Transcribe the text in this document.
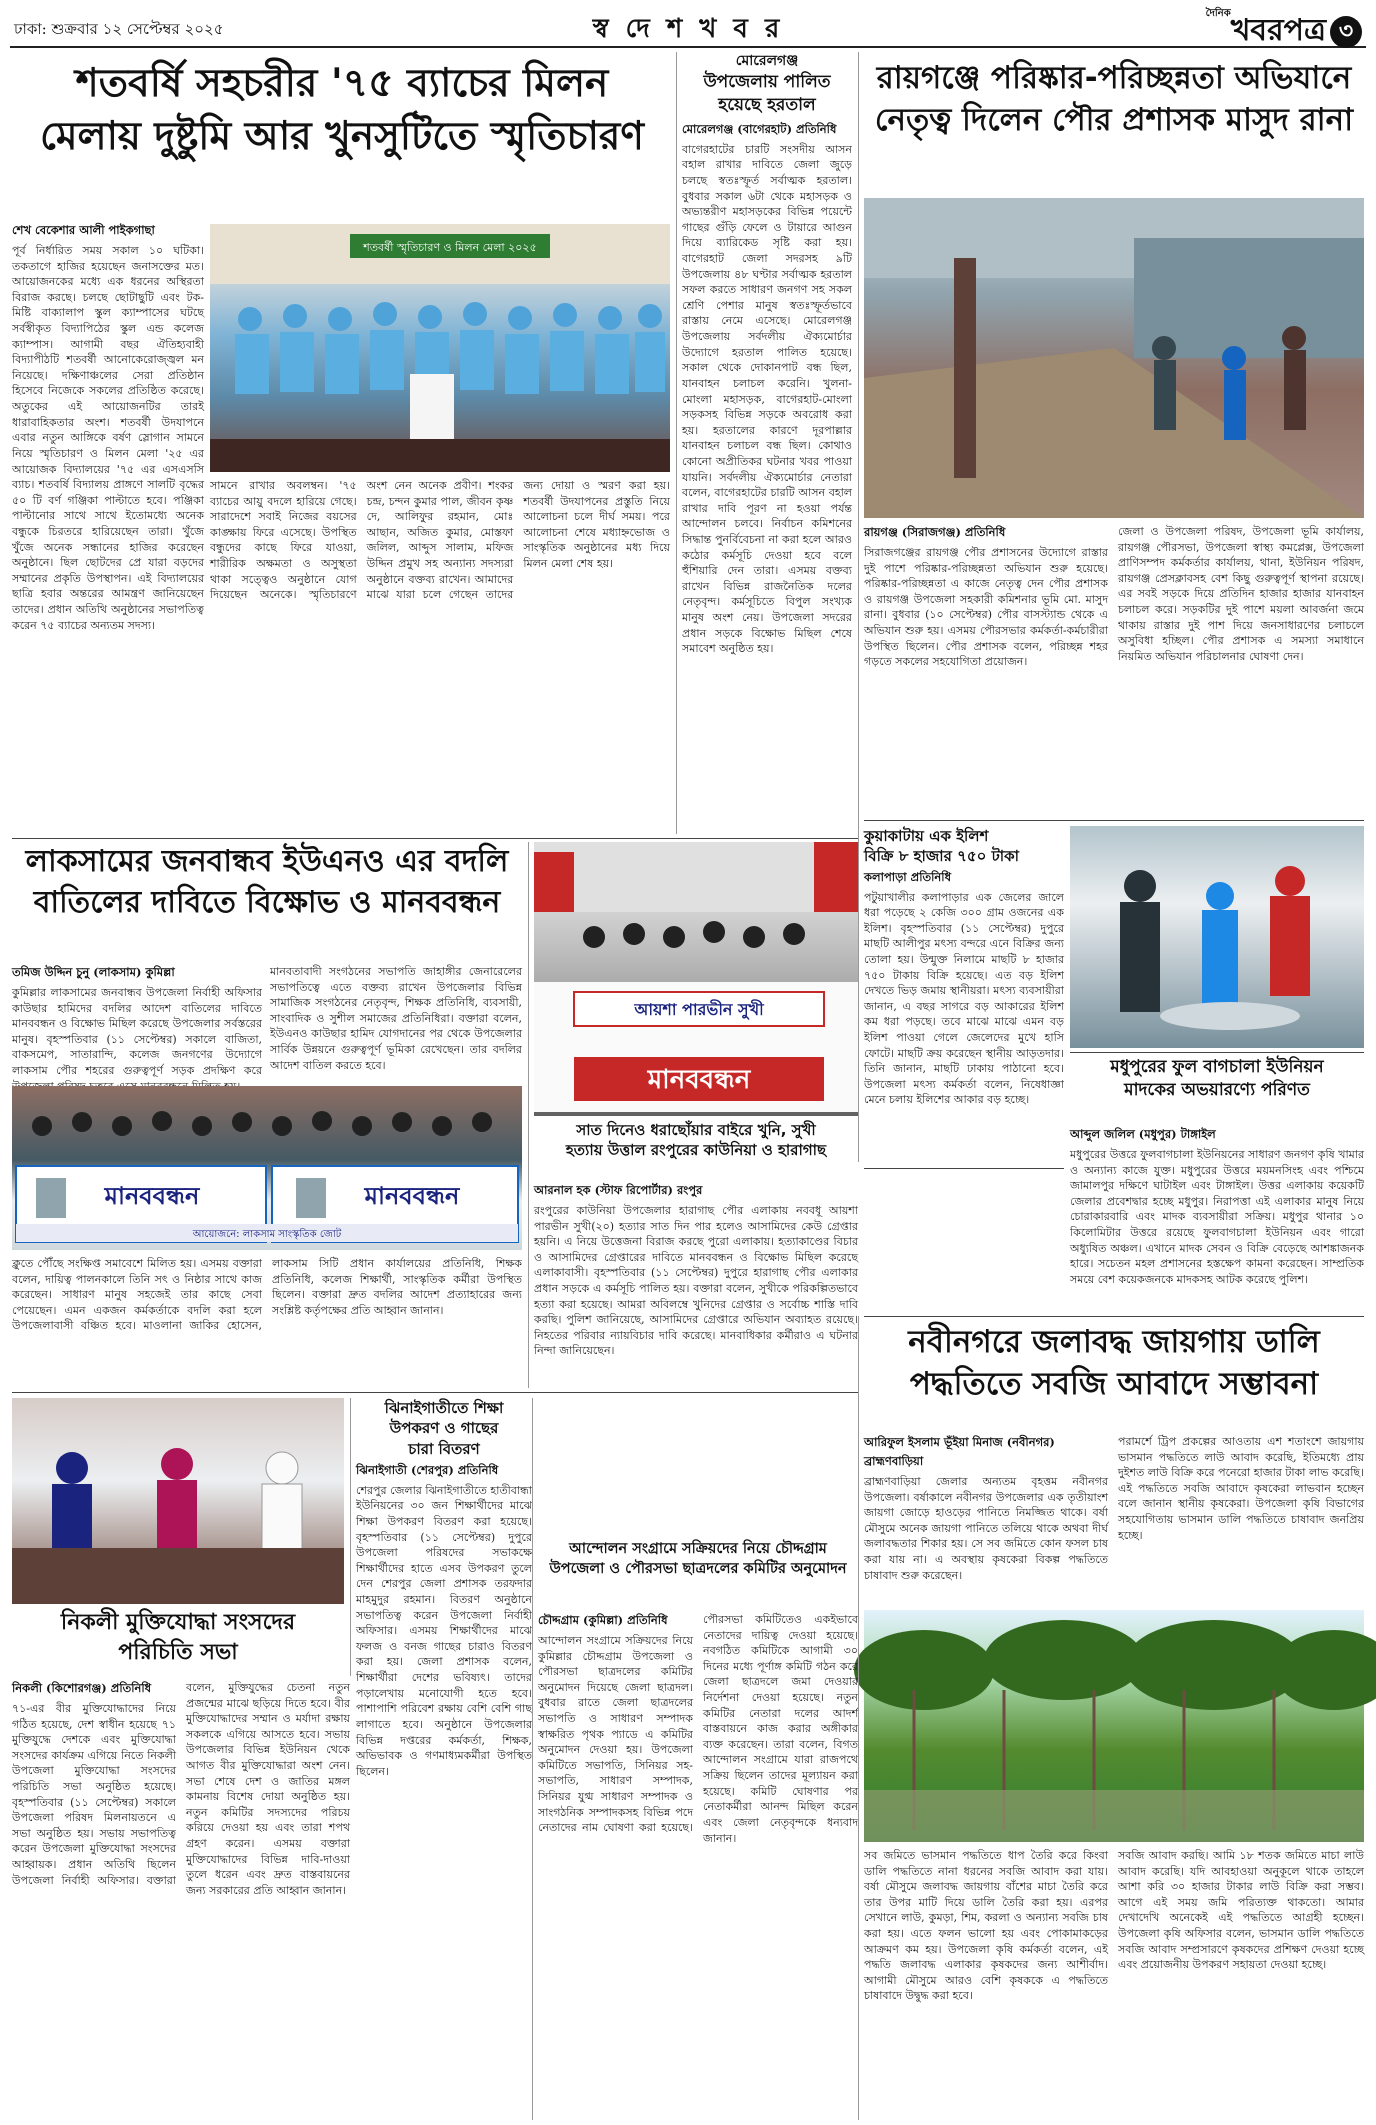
ঢাকা: শুক্রবার ১২ সেপ্টেম্বর ২০২৫	স্ব দে শ খ ব র
$^{দৈনিক}$খবরপত্র ৩
শতবর্ষি সহচরীর '৭৫ ব্যাচের মিলন
মেলায় দুষ্টুমি আর খুনসুটিতে স্মৃতিচারণ
শেখ বেকেশার আলী পাইকগাছা
পূর্ব নির্ধারিত সময় সকাল ১০ ঘটিকা। তকতাগে হাজির হয়েছেন জনাসক্তের মত। আয়োজনকের মধ্যে এক ধরনের অস্থিরতা বিরাজ করছে। চলছে ছোটাছুটি এবং টক-মিষ্টি বাক্যালাপ স্কুল ক্যাম্পাসের ঘটছে সর্বস্বীকৃত বিদ্যাপিঠের স্কুল এন্ড কলেজ ক্যাম্পাস। আগামী বছর ঐতিহ্যবাহী বিদ্যাপীঠটি শতবর্ষী আনোকেরোজ্জ্বল মন নিয়েছে। দক্ষিণাঞ্চলের সেরা প্রতিষ্ঠান হিসেবে নিজেকে সকলের প্রতিষ্ঠিত করেছে। অতুকের এই আয়োজনটির তারই ধারাবাহিকতার অংশ। শতবর্ষী উদযাপনে এবার নতুন আঙ্গিকে বর্ষণ স্লোগান সামনে নিয়ে স্মৃতিচারণ ও মিলন মেলা '২৫ এর আয়োজক বিদ্যালয়ের '৭৫ এর এসএসসি ব্যাচ। শতবর্ষি বিদ্যালয় প্রাঙ্গণে সালটি বৃদ্ধের ৫০ টি বর্ণ গঞ্জিকা পাল্টাতে হবে। পঞ্জিকা পাল্টানোর সাথে সাথে ইতোমধ্যে অনেক বন্ধুকে চিরতরে হারিয়েছেন তারা। খুঁজে খুঁজে অনেক সন্ধানের হাজির করেছেন অনুষ্ঠানে। ছিল ছোটদের প্রে যারা বড়দের সম্মানের প্রকৃতি উপস্থাপন। এই বিদ্যালয়ের ছাত্রি হবার অন্তরের আমন্ত্রণ জানিয়েছেন তাদের। প্রধান অতিথি অনুষ্ঠানের সভাপতিত্ব করেন ৭৫ ব্যাচের অন্যতম সদস্য।
শতবর্ষী স্মৃতিচারণ ও মিলন মেলা ২০২৫
সামনে রাখার অবলম্বন। '৭৫ ব্যাচের আয়ু বদলে হারিয়ে গেছে। সারাদেশে সবাই নিজের বয়সের কাঙ্ক্ষায় ফিরে এসেছে। উপস্থিত বন্ধুদের কাছে ফিরে যাওয়া, শারীরিক অক্ষমতা ও অসুস্থতা থাকা সত্ত্বেও অনুষ্ঠানে যোগ দিয়েছেন অনেকে। স্মৃতিচারণে অংশ নেন অনেক প্রবীণ। শংকর চন্দ্র, চন্দন কুমার পাল, জীবন কৃষ্ণ দে, আলিফুর রহমান, মোঃ আছান, অজিত কুমার, মোস্তফা জলিল, আব্দুস সালাম, মফিজ উদ্দিন প্রমুখ সহ অন্যান্য সদস্যরা অনুষ্ঠানে বক্তব্য রাখেন। আমাদের মাঝে যারা চলে গেছেন তাদের জন্য দোয়া ও স্মরণ করা হয়। শতবর্ষী উদযাপনের প্রস্তুতি নিয়ে আলোচনা চলে দীর্ঘ সময়। পরে আলোচনা শেষে মধ্যাহ্নভোজ ও সাংস্কৃতিক অনুষ্ঠানের মধ্য দিয়ে মিলন মেলা শেষ হয়।
মোরেলগঞ্জ
উপজেলায় পালিত হয়েছে হরতাল
মোরেলগঞ্জ (বাগেরহাট) প্রতিনিধি
বাগেরহাটের চারটি সংসদীয় আসন বহাল রাখার দাবিতে জেলা জুড়ে চলছে স্বতঃস্ফূর্ত সর্বাত্মক হরতাল। বুধবার সকাল ৬টা থেকে মহাসড়ক ও অভ্যন্তরীণ মহাসড়কের বিভিন্ন পয়েন্টে গাছের গুঁড়ি ফেলে ও টায়ারে আগুন দিয়ে ব্যারিকেড সৃষ্টি করা হয়। বাগেরহাট জেলা সদরসহ ৯টি উপজেলায় ৪৮ ঘণ্টার সর্বাত্মক হরতাল সফল করতে সাধারণ জনগণ সহ সকল শ্রেণি পেশার মানুষ স্বতঃস্ফূর্তভাবে রাস্তায় নেমে এসেছে। মোরেলগঞ্জ উপজেলায় সর্বদলীয় ঐক্যমোর্চার উদ্যোগে হরতাল পালিত হয়েছে। সকাল থেকে দোকানপাট বন্ধ ছিল, যানবাহন চলাচল করেনি। খুলনা-মোংলা মহাসড়ক, বাগেরহাট-মোংলা সড়কসহ বিভিন্ন সড়কে অবরোধ করা হয়। হরতালের কারণে দূরপাল্লার যানবাহন চলাচল বন্ধ ছিল। কোথাও কোনো অপ্রীতিকর ঘটনার খবর পাওয়া যায়নি। সর্বদলীয় ঐক্যমোর্চার নেতারা বলেন, বাগেরহাটের চারটি আসন বহাল রাখার দাবি পূরণ না হওয়া পর্যন্ত আন্দোলন চলবে। নির্বাচন কমিশনের সিদ্ধান্ত পুনর্বিবেচনা না করা হলে আরও কঠোর কর্মসূচি দেওয়া হবে বলে হুঁশিয়ারি দেন তারা। এসময় বক্তব্য রাখেন বিভিন্ন রাজনৈতিক দলের নেতৃবৃন্দ। কর্মসূচিতে বিপুল সংখ্যক মানুষ অংশ নেয়। উপজেলা সদরের প্রধান সড়কে বিক্ষোভ মিছিল শেষে সমাবেশ অনুষ্ঠিত হয়।
রায়গঞ্জে পরিষ্কার-পরিচ্ছন্নতা অভিযানে
নেতৃত্ব দিলেন পৌর প্রশাসক মাসুদ রানা
রায়গঞ্জ (সিরাজগঞ্জ) প্রতিনিধি
সিরাজগঞ্জের রায়গঞ্জ পৌর প্রশাসনের উদ্যোগে রাস্তার দুই পাশে পরিষ্কার-পরিচ্ছন্নতা অভিযান শুরু হয়েছে। পরিষ্কার-পরিচ্ছন্নতা এ কাজে নেতৃত্ব দেন পৌর প্রশাসক ও রায়গঞ্জ উপজেলা সহকারী কমিশনার ভূমি মো. মাসুদ রানা। বুধবার (১০ সেপ্টেম্বর) পৌর বাসস্ট্যান্ড থেকে এ অভিযান শুরু হয়। এসময় পৌরসভার কর্মকর্তা-কর্মচারীরা উপস্থিত ছিলেন। পৌর প্রশাসক বলেন, পরিচ্ছন্ন শহর গড়তে সকলের সহযোগিতা প্রয়োজন।
জেলা ও উপজেলা পরিষদ, উপজেলা ভূমি কার্যালয়, রায়গঞ্জ পৌরসভা, উপজেলা স্বাস্থ্য কমপ্লেক্স, উপজেলা প্রাণিসম্পদ কর্মকর্তার কার্যালয়, থানা, ইউনিয়ন পরিষদ, রায়গঞ্জ প্রেসক্লাবসহ বেশ কিছু গুরুত্বপূর্ণ স্থাপনা রয়েছে। এর সবই সড়কে দিয়ে প্রতিদিন হাজার হাজার যানবাহন চলাচল করে। সড়কটির দুই পাশে ময়লা আবর্জনা জমে থাকায় রাস্তার দুই পাশ দিয়ে জনসাধারণের চলাচলে অসুবিধা হচ্ছিল। পৌর প্রশাসক এ সমস্যা সমাধানে নিয়মিত অভিযান পরিচালনার ঘোষণা দেন।
কুয়াকাটায় এক ইলিশ
বিক্রি ৮ হাজার ৭৫০ টাকা
কলাপাড়া প্রতিনিধি
পটুয়াখালীর কলাপাড়ার এক জেলের জালে ধরা পড়েছে ২ কেজি ৩০০ গ্রাম ওজনের এক ইলিশ। বৃহস্পতিবার (১১ সেপ্টেম্বর) দুপুরে মাছটি আলীপুর মৎস্য বন্দরে এনে বিক্রির জন্য তোলা হয়। উন্মুক্ত নিলামে মাছটি ৮ হাজার ৭৫০ টাকায় বিক্রি হয়েছে। এত বড় ইলিশ দেখতে ভিড় জমায় স্থানীয়রা। মৎস্য ব্যবসায়ীরা জানান, এ বছর সাগরে বড় আকারের ইলিশ কম ধরা পড়ছে। তবে মাঝে মাঝে এমন বড় ইলিশ পাওয়া গেলে জেলেদের মুখে হাসি ফোটে। মাছটি ক্রয় করেছেন স্থানীয় আড়তদার। তিনি জানান, মাছটি ঢাকায় পাঠানো হবে। উপজেলা মৎস্য কর্মকর্তা বলেন, নিষেধাজ্ঞা মেনে চলায় ইলিশের আকার বড় হচ্ছে।
মধুপুরের ফুল বাগচালা ইউনিয়ন
মাদকের অভয়ারণ্যে পরিণত
আব্দুল জলিল (মধুপুর) টাঙ্গাইল
মধুপুরের উত্তরে ফুলবাগচালা ইউনিয়নের সাধারণ জনগণ কৃষি খামার ও অন্যান্য কাজে যুক্ত। মধুপুরের উত্তরে ময়মনসিংহ এবং পশ্চিমে জামালপুর দক্ষিণে ঘাটাইল এবং টাঙ্গাইল। উত্তর এলাকায় কয়েকটি জেলার প্রবেশদ্বার হচ্ছে মধুপুর। নিরাপত্তা এই এলাকার মানুষ নিয়ে চোরাকারবারি এবং মাদক ব্যবসায়ীরা সক্রিয়। মধুপুর থানার ১০ কিলোমিটার উত্তরে রয়েছে ফুলবাগচালা ইউনিয়ন এবং গারো অধ্যুষিত অঞ্চল। এখানে মাদক সেবন ও বিক্রি বেড়েছে আশঙ্কাজনক হারে। সচেতন মহল প্রশাসনের হস্তক্ষেপ কামনা করেছেন। সাম্প্রতিক সময়ে বেশ কয়েকজনকে মাদকসহ আটক করেছে পুলিশ।
নবীনগরে জলাবদ্ধ জায়গায় ডালি
পদ্ধতিতে সবজি আবাদে সম্ভাবনা
আরিফুল ইসলাম ভূঁইয়া মিনাজ (নবীনগর) ব্রাহ্মণবাড়িয়া
ব্রাহ্মণবাড়িয়া জেলার অন্যতম বৃহত্তম নবীনগর উপজেলা। বর্ষাকালে নবীনগর উপজেলার এক তৃতীয়াংশ জায়গা জোড়ে হাওড়ের পানিতে নিমজ্জিত থাকে। বর্ষা মৌসুমে অনেক জায়গা পানিতে তলিয়ে থাকে অথবা দীর্ঘ জলাবদ্ধতার শিকার হয়। সে সব জমিতে কোন ফসল চাষ করা যায় না। এ অবস্থায় কৃষকেরা বিকল্প পদ্ধতিতে চাষাবাদ শুরু করেছেন।
পরামর্শে ট্রিপ প্রকল্পের আওতায় এশ শতাংশে জায়গায় ভাসমান পদ্ধতিতে লাউ আবাদ করেছি, ইতিমধ্যে প্রায় দুইশত লাউ বিক্রি করে পনেরো হাজার টাকা লাভ করেছি। এই পদ্ধতিতে সবজি আবাদে কৃষকেরা লাভবান হচ্ছেন বলে জানান স্থানীয় কৃষকেরা। উপজেলা কৃষি বিভাগের সহযোগিতায় ভাসমান ডালি পদ্ধতিতে চাষাবাদ জনপ্রিয় হচ্ছে।
সব জমিতে ভাসমান পদ্ধতিতে ধাপ তৈরি করে কিংবা ডালি পদ্ধতিতে নানা ধরনের সবজি আবাদ করা যায়। বর্ষা মৌসুমে জলাবদ্ধ জায়গায় বাঁশের মাচা তৈরি করে তার উপর মাটি দিয়ে ডালি তৈরি করা হয়। এরপর সেখানে লাউ, কুমড়া, শিম, করলা ও অন্যান্য সবজি চাষ করা হয়। এতে ফলন ভালো হয় এবং পোকামাকড়ের আক্রমণ কম হয়। উপজেলা কৃষি কর্মকর্তা বলেন, এই পদ্ধতি জলাবদ্ধ এলাকার কৃষকদের জন্য আশীর্বাদ। আগামী মৌসুমে আরও বেশি কৃষককে এ পদ্ধতিতে চাষাবাদে উদ্বুদ্ধ করা হবে।
সবজি আবাদ করছি। আমি ১৮ শতক জমিতে মাচা লাউ আবাদ করেছি। যদি আবহাওয়া অনুকূলে থাকে তাহলে আশা করি ৩০ হাজার টাকার লাউ বিক্রি করা সম্ভব। আগে এই সময় জমি পরিত্যক্ত থাকতো। আমার দেখাদেখি অনেকেই এই পদ্ধতিতে আগ্রহী হচ্ছেন। উপজেলা কৃষি অফিসার বলেন, ভাসমান ডালি পদ্ধতিতে সবজি আবাদ সম্প্রসারণে কৃষকদের প্রশিক্ষণ দেওয়া হচ্ছে এবং প্রয়োজনীয় উপকরণ সহায়তা দেওয়া হচ্ছে।
লাকসামের জনবান্ধব ইউএনও এর বদলি
বাতিলের দাবিতে বিক্ষোভ ও মানববন্ধন
তমিজ উদ্দিন চুনু (লাকসাম) কুমিল্লা
কুমিল্লার লাকসামের জনবান্ধব উপজেলা নির্বাহী অফিসার কাউছার হামিদের বদলির আদেশ বাতিলের দাবিতে মানববন্ধন ও বিক্ষোভ মিছিল করেছে উপজেলার সর্বস্তরের মানুষ। বৃহস্পতিবার (১১ সেপ্টেম্বর) সকালে বাজিতা, বাকসমেপ, সাতারান্দি, কলেজ জনগণের উদ্যোগে লাকসাম পৌর শহরের গুরুত্বপূর্ণ সড়ক প্রদক্ষিণ করে
মানবতাবাদী সংগঠনের সভাপতি জাহাঙ্গীর জেনারেলের সভাপতিত্বে এতে বক্তব্য রাখেন উপজেলার বিভিন্ন সামাজিক সংগঠনের নেতৃবৃন্দ, শিক্ষক প্রতিনিধি, ব্যবসায়ী, সাংবাদিক ও সুশীল সমাজের প্রতিনিধিরা। বক্তারা বলেন, ইউএনও কাউছার হামিদ যোগদানের পর থেকে উপজেলার সার্বিক উন্নয়নে গুরুত্বপূর্ণ ভূমিকা রেখেছেন। তার বদলির আদেশ বাতিল করতে হবে।
মানববন্ধন	মানববন্ধন
আয়োজনে: লাকসাম সাংস্কৃতিক জোট
ক্লুতে পৌঁছে সংক্ষিপ্ত সমাবেশে মিলিত হয়। এসময় বক্তারা বলেন, দায়িত্ব পালনকালে তিনি সৎ ও নিষ্ঠার সাথে কাজ করেছেন। সাধারণ মানুষ সহজেই তার কাছে সেবা পেয়েছেন। এমন একজন কর্মকর্তাকে বদলি করা হলে উপজেলাবাসী বঞ্চিত হবে। মাওলানা জাকির হোসেন, লাকসাম সিটি প্রধান কার্যালয়ের প্রতিনিধি, শিক্ষক প্রতিনিধি, কলেজ শিক্ষার্থী, সাংস্কৃতিক কর্মীরা উপস্থিত ছিলেন। বক্তারা দ্রুত বদলির আদেশ প্রত্যাহারের জন্য সংশ্লিষ্ট কর্তৃপক্ষের প্রতি আহ্বান জানান।
আয়শা পারভীন সুখী
মানববন্ধন
সাত দিনেও ধরাছোঁয়ার বাইরে খুনি, সুখী
হত্যায় উত্তাল রংপুরের কাউনিয়া ও হারাগাছ
আরনাল হক (স্টাফ রিপোর্টার) রংপুর
রংপুরের কাউনিয়া উপজেলার হারাগাছ পৌর এলাকায় নববধূ আয়শা পারভীন সুখী(২০) হত্যার সাত দিন পার হলেও আসামিদের কেউ গ্রেপ্তার হয়নি। এ নিয়ে উত্তেজনা বিরাজ করছে পুরো এলাকায়। হত্যাকাণ্ডের বিচার ও আসামিদের গ্রেপ্তারের দাবিতে মানববন্ধন ও বিক্ষোভ মিছিল করেছে এলাকাবাসী। বৃহস্পতিবার (১১ সেপ্টেম্বর) দুপুরে হারাগাছ পৌর এলাকার প্রধান সড়কে এ কর্মসূচি পালিত হয়। বক্তারা বলেন, সুখীকে পরিকল্পিতভাবে হত্যা করা হয়েছে। আমরা অবিলম্বে খুনিদের গ্রেপ্তার ও সর্বোচ্চ শাস্তি দাবি করছি। পুলিশ জানিয়েছে, আসামিদের গ্রেপ্তারে অভিযান অব্যাহত রয়েছে। নিহতের পরিবার ন্যায়বিচার দাবি করেছে। মানবাধিকার কর্মীরাও এ ঘটনার নিন্দা জানিয়েছেন।
নিকলী মুক্তিযোদ্ধা সংসদের
পরিচিতি সভা
ঝিনাইগাতীতে শিক্ষা
উপকরণ ও গাছের
চারা বিতরণ
ঝিনাইগাতী (শেরপুর) প্রতিনিধি
শেরপুর জেলার ঝিনাইগাতীতে হাতীবান্ধা ইউনিয়নের ৩০ জন শিক্ষার্থীদের মাঝে শিক্ষা উপকরণ বিতরণ করা হয়েছে। বৃহস্পতিবার (১১ সেপ্টেম্বর) দুপুরে উপজেলা পরিষদের সভাকক্ষে শিক্ষার্থীদের হাতে এসব উপকরণ তুলে দেন শেরপুর জেলা প্রশাসক তরফদার মাহমুদুর রহমান। বিতরণ অনুষ্ঠানে সভাপতিত্ব করেন উপজেলা নির্বাহী অফিসার। এসময় শিক্ষার্থীদের মাঝে ফলজ ও বনজ গাছের চারাও বিতরণ করা হয়। জেলা প্রশাসক বলেন, শিক্ষার্থীরা দেশের ভবিষ্যৎ। তাদের পড়ালেখায় মনোযোগী হতে হবে। পাশাপাশি পরিবেশ রক্ষায় বেশি বেশি গাছ লাগাতে হবে। অনুষ্ঠানে উপজেলার বিভিন্ন দপ্তরের কর্মকর্তা, শিক্ষক, অভিভাবক ও গণমাধ্যমকর্মীরা উপস্থিত ছিলেন।
আন্দোলন সংগ্রামে সক্রিয়দের নিয়ে চৌদ্দগ্রাম
উপজেলা ও পৌরসভা ছাত্রদলের কমিটির অনুমোদন
চৌদ্দগ্রাম (কুমিল্লা) প্রতিনিধি
আন্দোলন সংগ্রামে সক্রিয়দের নিয়ে কুমিল্লার চৌদ্দগ্রাম উপজেলা ও পৌরসভা ছাত্রদলের কমিটির অনুমোদন দিয়েছে জেলা ছাত্রদল। বুধবার রাতে জেলা ছাত্রদলের সভাপতি ও সাধারণ সম্পাদক স্বাক্ষরিত পৃথক প্যাডে এ কমিটির অনুমোদন দেওয়া হয়। উপজেলা কমিটিতে সভাপতি, সিনিয়র সহ-সভাপতি, সাধারণ সম্পাদক, সিনিয়র যুগ্ম সাধারণ সম্পাদক ও সাংগঠনিক সম্পাদকসহ বিভিন্ন পদে নেতাদের নাম ঘোষণা করা হয়েছে। পৌরসভা কমিটিতেও একইভাবে নেতাদের দায়িত্ব দেওয়া হয়েছে। নবগঠিত কমিটিকে আগামী ৩০ দিনের মধ্যে পূর্ণাঙ্গ কমিটি গঠন করে জেলা ছাত্রদলে জমা দেওয়ার নির্দেশনা দেওয়া হয়েছে। নতুন কমিটির নেতারা দলের আদর্শ বাস্তবায়নে কাজ করার অঙ্গীকার ব্যক্ত করেছেন। তারা বলেন, বিগত আন্দোলন সংগ্রামে যারা রাজপথে সক্রিয় ছিলেন তাদের মূল্যায়ন করা হয়েছে। কমিটি ঘোষণার পর নেতাকর্মীরা আনন্দ মিছিল করেন এবং জেলা নেতৃবৃন্দকে ধন্যবাদ জানান।
নিকলী (কিশোরগঞ্জ) প্রতিনিধি
৭১-এর বীর মুক্তিযোদ্ধাদের নিয়ে গঠিত হয়েছে, দেশ স্বাধীন হয়েছে ৭১ মুক্তিযুদ্ধে দেশকে এবং মুক্তিযোদ্ধা সংসদের কার্যক্রম এগিয়ে নিতে নিকলী উপজেলা মুক্তিযোদ্ধা সংসদের পরিচিতি সভা অনুষ্ঠিত হয়েছে। বৃহস্পতিবার (১১ সেপ্টেম্বর) সকালে উপজেলা পরিষদ মিলনায়তনে এ সভা অনুষ্ঠিত হয়। সভায় সভাপতিত্ব করেন উপজেলা মুক্তিযোদ্ধা সংসদের আহ্বায়ক। প্রধান অতিথি ছিলেন উপজেলা নির্বাহী অফিসার। বক্তারা বলেন, মুক্তিযুদ্ধের চেতনা নতুন প্রজন্মের মাঝে ছড়িয়ে দিতে হবে। বীর মুক্তিযোদ্ধাদের সম্মান ও মর্যাদা রক্ষায় সকলকে এগিয়ে আসতে হবে। সভায় উপজেলার বিভিন্ন ইউনিয়ন থেকে আগত বীর মুক্তিযোদ্ধারা অংশ নেন। সভা শেষে দেশ ও জাতির মঙ্গল কামনায় বিশেষ দোয়া অনুষ্ঠিত হয়। নতুন কমিটির সদস্যদের পরিচয় করিয়ে দেওয়া হয় এবং তারা শপথ গ্রহণ করেন। এসময় বক্তারা মুক্তিযোদ্ধাদের বিভিন্ন দাবি-দাওয়া তুলে ধরেন এবং দ্রুত বাস্তবায়নের জন্য সরকারের প্রতি আহ্বান জানান।
